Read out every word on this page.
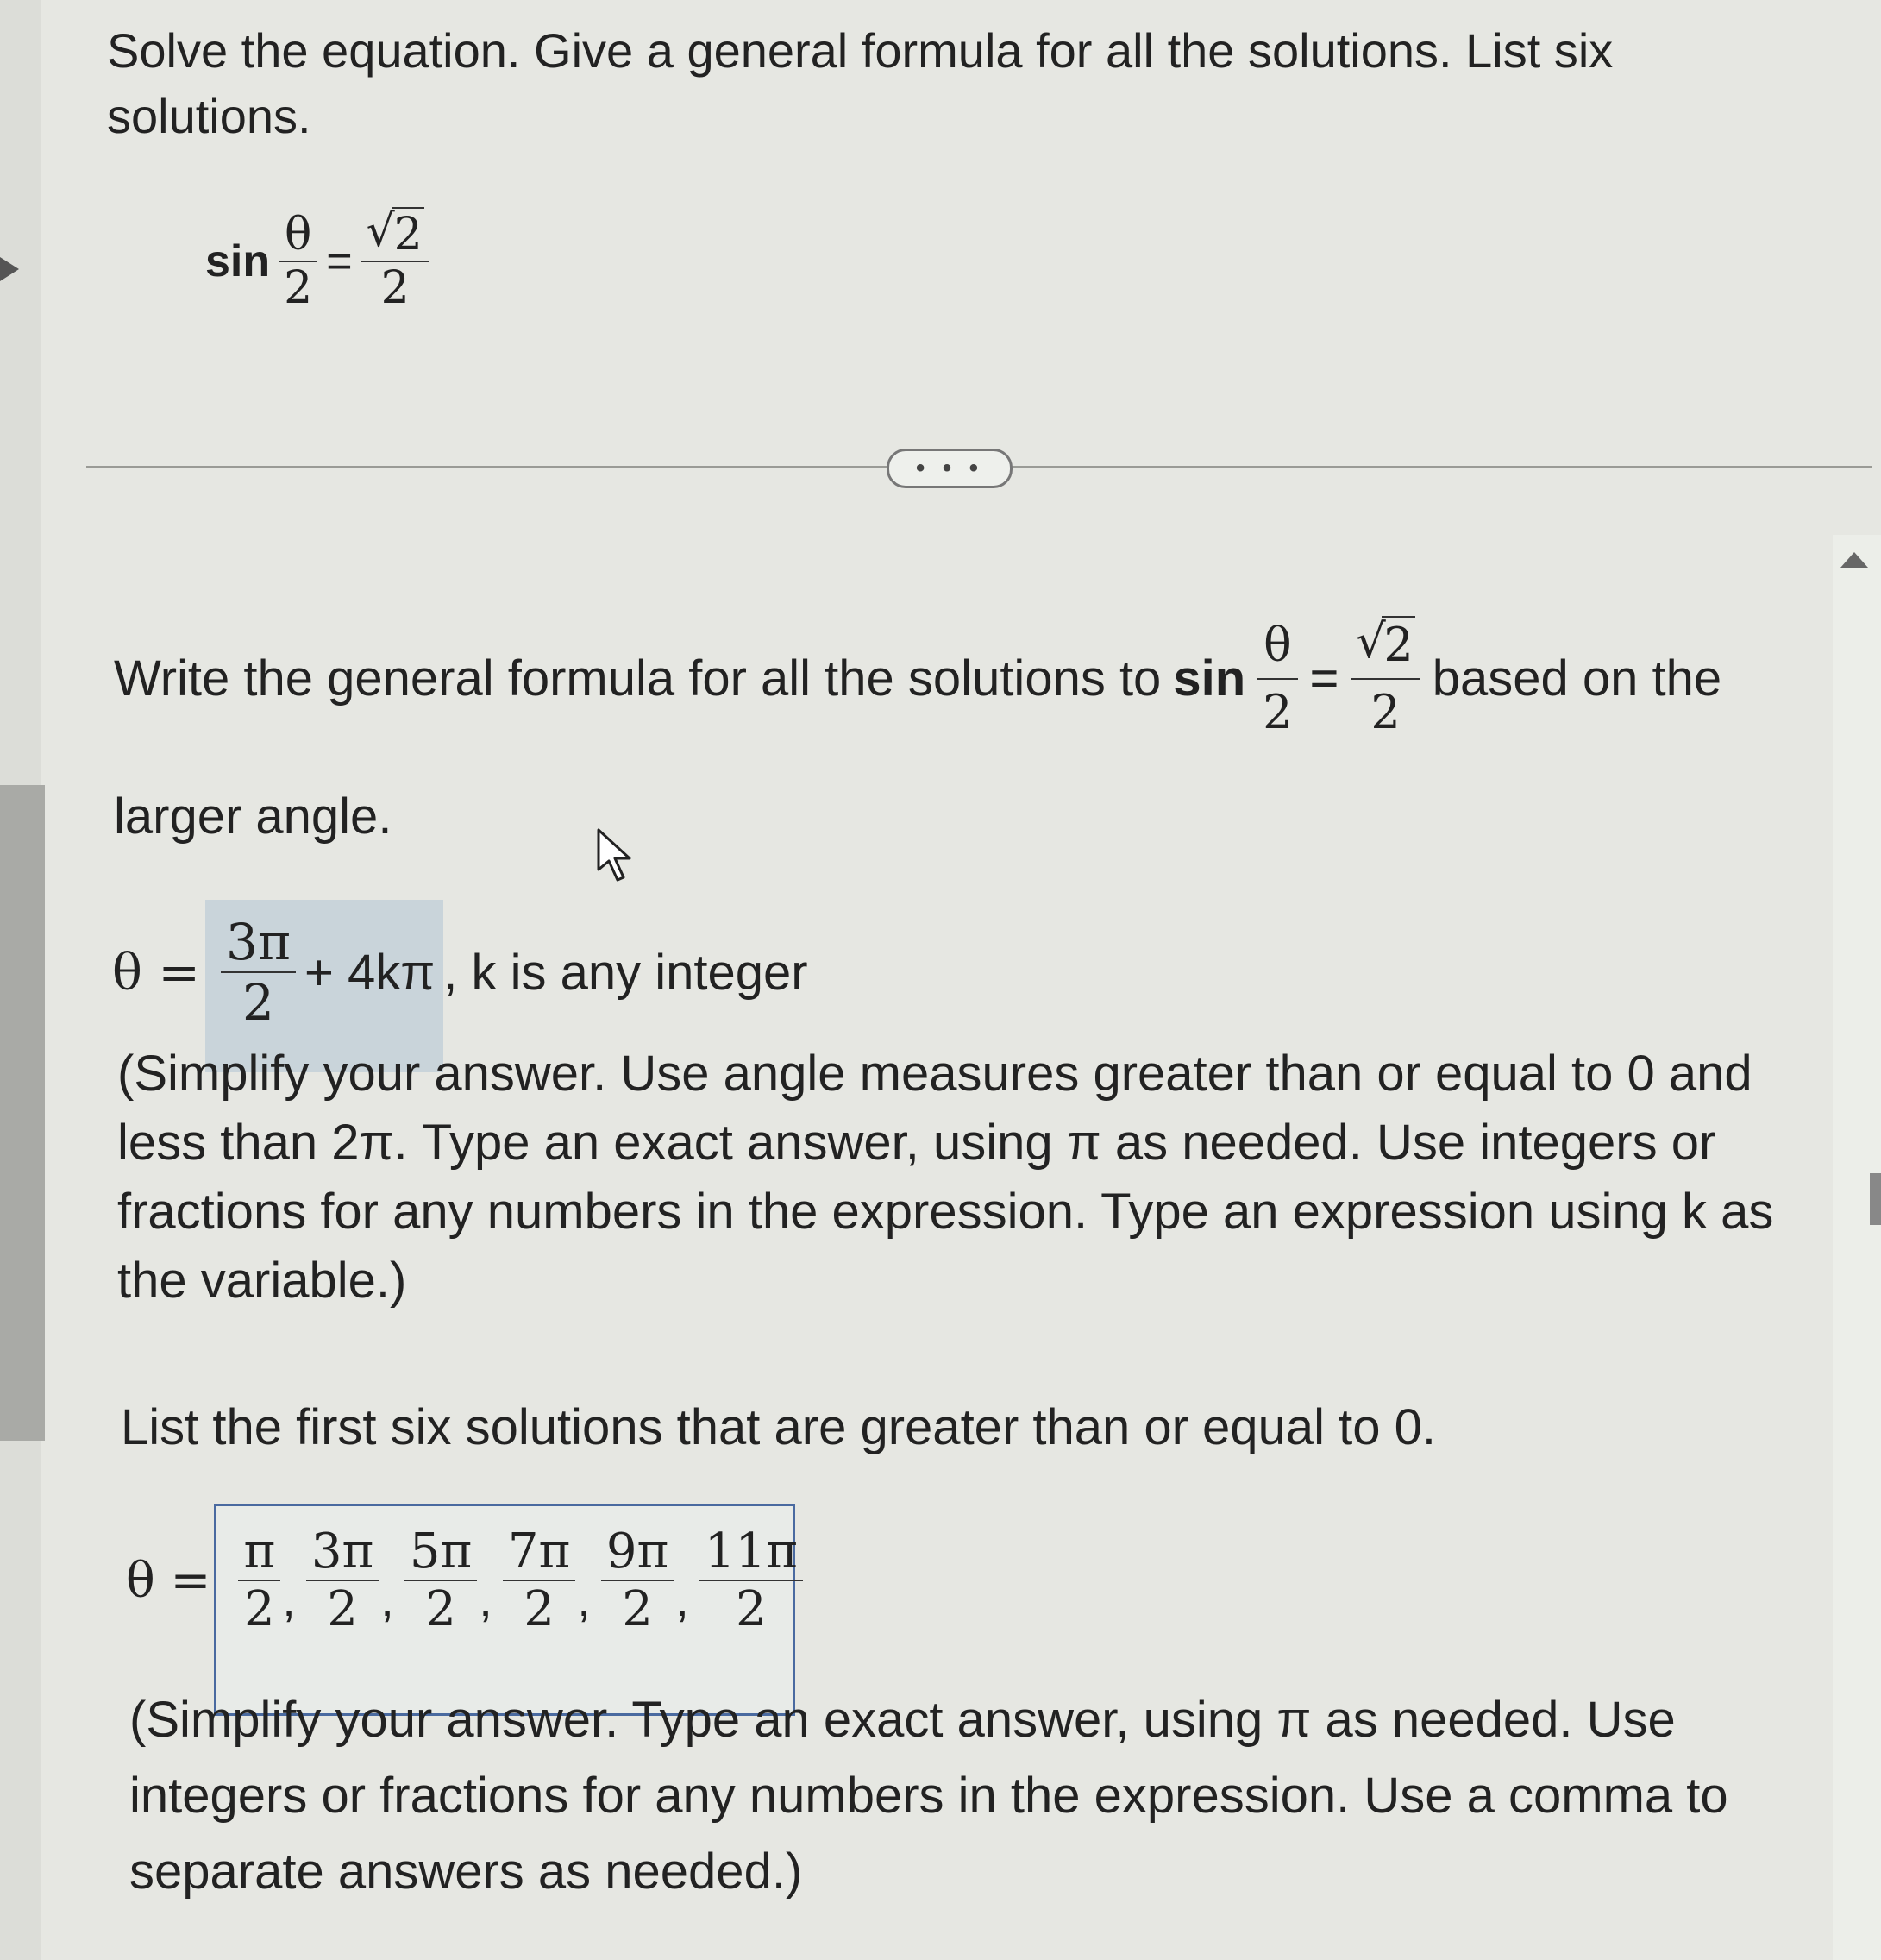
Solve the equation. Give a general formula for all the solutions. List six
solutions.
$\sin \frac{\theta}{2}$ = √
2
2
• • •
Write the general formula for all the solutions to $\sin \frac{\theta}{2}$ = √
2
2 based on the
larger angle.
$\theta = \frac{3\pi}{2} + 4k\pi$ , k is any integer
(Simplify your answer. Use angle measures greater than or equal to 0 and
less than 2π. Type an exact answer, using π as needed. Use integers or
fractions for any numbers in the expression. Type an expression using k as
the variable.)
List the first six solutions that are greater than or equal to 0.
$\theta = \frac{\pi}{2}$ , $\frac{3\pi}{2}$ , $\frac{5\pi}{2}$ , $\frac{7\pi}{2}$ , $\frac{9\pi}{2}$ , $\frac{11\pi}{2}$
(Simplify your answer. Type an exact answer, using π as needed. Use
integers or fractions for any numbers in the expression. Use a comma to
separate answers as needed.)
